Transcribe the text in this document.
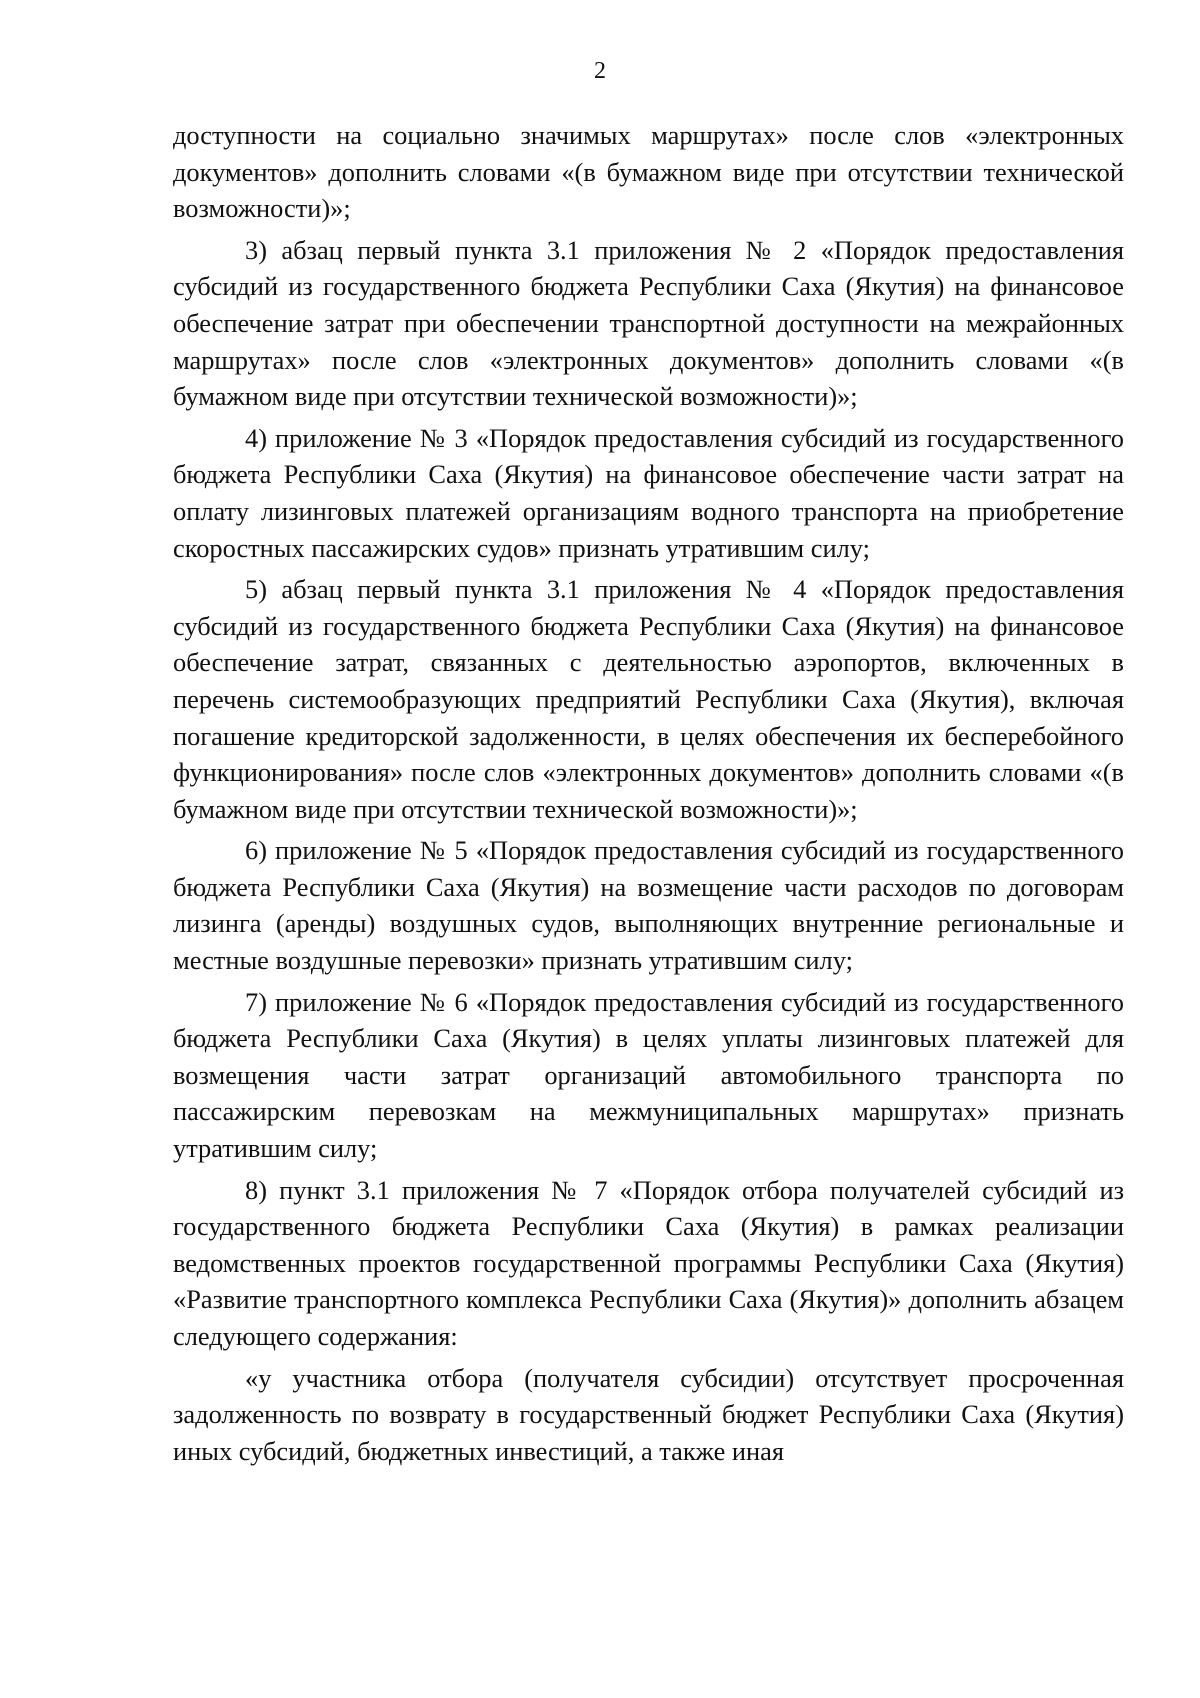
2

доступности на социально значимых маршрутах» после слов «электронных документов» дополнить словами «(в бумажном виде при отсутствии технической возможности)»;

3) абзац первый пункта 3.1 приложения № 2 «Порядок предоставления субсидий из государственного бюджета Республики Саха (Якутия) на финансовое обеспечение затрат при обеспечении транспортной доступности на межрайонных маршрутах» после слов «электронных документов» дополнить словами «(в бумажном виде при отсутствии технической возможности)»;

4) приложение № 3 «Порядок предоставления субсидий из государственного бюджета Республики Саха (Якутия) на финансовое обеспечение части затрат на оплату лизинговых платежей организациям водного транспорта на приобретение скоростных пассажирских судов» признать утратившим силу;

5) абзац первый пункта 3.1 приложения № 4 «Порядок предоставления субсидий из государственного бюджета Республики Саха (Якутия) на финансовое обеспечение затрат, связанных с деятельностью аэропортов, включенных в перечень системообразующих предприятий Республики Саха (Якутия), включая погашение кредиторской задолженности, в целях обеспечения их бесперебойного функционирования» после слов «электронных документов» дополнить словами «(в бумажном виде при отсутствии технической возможности)»;

6) приложение № 5 «Порядок предоставления субсидий из государственного бюджета Республики Саха (Якутия) на возмещение части расходов по договорам лизинга (аренды) воздушных судов, выполняющих внутренние региональные и местные воздушные перевозки» признать утратившим силу;

7) приложение № 6 «Порядок предоставления субсидий из государственного бюджета Республики Саха (Якутия) в целях уплаты лизинговых платежей для возмещения части затрат организаций автомобильного транспорта по пассажирским перевозкам на межмуниципальных маршрутах» признать утратившим силу;

8) пункт 3.1 приложения № 7 «Порядок отбора получателей субсидий из государственного бюджета Республики Саха (Якутия) в рамках реализации ведомственных проектов государственной программы Республики Саха (Якутия) «Развитие транспортного комплекса Республики Саха (Якутия)» дополнить абзацем следующего содержания:

«у участника отбора (получателя субсидии) отсутствует просроченная задолженность по возврату в государственный бюджет Республики Саха (Якутия) иных субсидий, бюджетных инвестиций, а также иная
